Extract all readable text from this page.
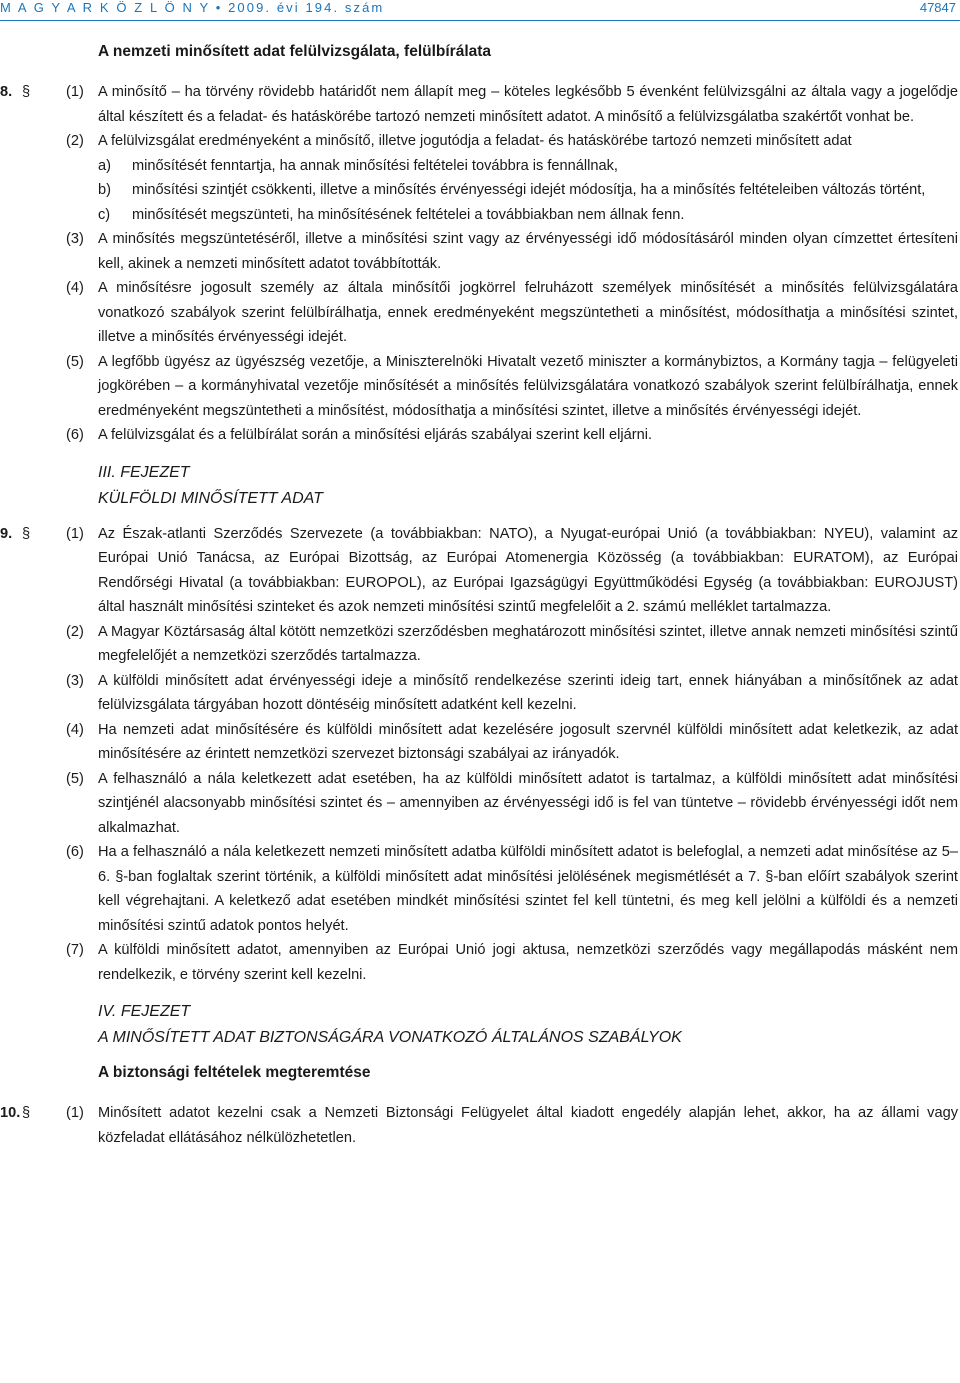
M A G Y A R K Ö Z L Ö N Y • 2009. évi 194. szám	47847
A nemzeti minősített adat felülvizsgálata, felülbírálata
8. § (1) A minősítő – ha törvény rövidebb határidőt nem állapít meg – köteles legkésőbb 5 évenként felülvizsgálni az általa vagy a jogelődje által készített és a feladat- és hatáskörébe tartozó nemzeti minősített adatot. A minősítő a felülvizsgálatba szakértőt vonhat be.

(2) A felülvizsgálat eredményeként a minősítő, illetve jogutódja a feladat- és hatáskörébe tartozó nemzeti minősített adat

a) minősítését fenntartja, ha annak minősítési feltételei továbbra is fennállnak,

b) minősítési szintjét csökkenti, illetve a minősítés érvényességi idejét módosítja, ha a minősítés feltételeiben változás történt,

c) minősítését megszünteti, ha minősítésének feltételei a továbbiakban nem állnak fenn.

(3) A minősítés megszüntetéséről, illetve a minősítési szint vagy az érvényességi idő módosításáról minden olyan címzettet értesíteni kell, akinek a nemzeti minősített adatot továbbították.

(4) A minősítésre jogosult személy az általa minősítői jogkörrel felruházott személyek minősítését a minősítés felülvizsgálatára vonatkozó szabályok szerint felülbírálhatja, ennek eredményeként megszüntetheti a minősítést, módosíthatja a minősítési szintet, illetve a minősítés érvényességi idejét.

(5) A legfőbb ügyész az ügyészség vezetője, a Miniszterelnöki Hivatalt vezető miniszter a kormánybiztos, a Kormány tagja – felügyeleti jogkörében – a kormányhivatal vezetője minősítését a minősítés felülvizsgálatára vonatkozó szabályok szerint felülbírálhatja, ennek eredményeként megszüntetheti a minősítést, módosíthatja a minősítési szintet, illetve a minősítés érvényességi idejét.

(6) A felülvizsgálat és a felülbírálat során a minősítési eljárás szabályai szerint kell eljárni.

III. FEJEZET
KÜLFÖLDI MINŐSÍTETT ADAT
9. § (1) Az Észak-atlanti Szerződés Szervezete (a továbbiakban: NATO), a Nyugat-európai Unió (a továbbiakban: NYEU), valamint az Európai Unió Tanácsa, az Európai Bizottság, az Európai Atomenergia Közösség (a továbbiakban: EURATOM), az Európai Rendőrségi Hivatal (a továbbiakban: EUROPOL), az Európai Igazságügyi Együttműködési Egység (a továbbiakban: EUROJUST) által használt minősítési szinteket és azok nemzeti minősítési szintű megfelelőit a 2. számú melléklet tartalmazza.

(2) A Magyar Köztársaság által kötött nemzetközi szerződésben meghatározott minősítési szintet, illetve annak nemzeti minősítési szintű megfelelőjét a nemzetközi szerződés tartalmazza.

(3) A külföldi minősített adat érvényességi ideje a minősítő rendelkezése szerinti ideig tart, ennek hiányában a minősítőnek az adat felülvizsgálata tárgyában hozott döntéséig minősített adatként kell kezelni.

(4) Ha nemzeti adat minősítésére és külföldi minősített adat kezelésére jogosult szervnél külföldi minősített adat keletkezik, az adat minősítésére az érintett nemzetközi szervezet biztonsági szabályai az irányadók.

(5) A felhasználó a nála keletkezett adat esetében, ha az külföldi minősített adatot is tartalmaz, a külföldi minősített adat minősítési szintjénél alacsonyabb minősítési szintet és – amennyiben az érvényességi idő is fel van tüntetve – rövidebb érvényességi időt nem alkalmazhat.

(6) Ha a felhasználó a nála keletkezett nemzeti minősített adatba külföldi minősített adatot is belefoglal, a nemzeti adat minősítése az 5–6. §-ban foglaltak szerint történik, a külföldi minősített adat minősítési jelölésének megismétlését a 7. §-ban előírt szabályok szerint kell végrehajtani. A keletkező adat esetében mindkét minősítési szintet fel kell tüntetni, és meg kell jelölni a külföldi és a nemzeti minősítési szintű adatok pontos helyét.

(7) A külföldi minősített adatot, amennyiben az Európai Unió jogi aktusa, nemzetközi szerződés vagy megállapodás másként nem rendelkezik, e törvény szerint kell kezelni.

IV. FEJEZET
A MINŐSÍTETT ADAT BIZTONSÁGÁRA VONATKOZÓ ÁLTALÁNOS SZABÁLYOK
A biztonsági feltételek megteremtése
10. § (1) Minősített adatot kezelni csak a Nemzeti Biztonsági Felügyelet által kiadott engedély alapján lehet, akkor, ha az állami vagy közfeladat ellátásához nélkülözhetetlen.
